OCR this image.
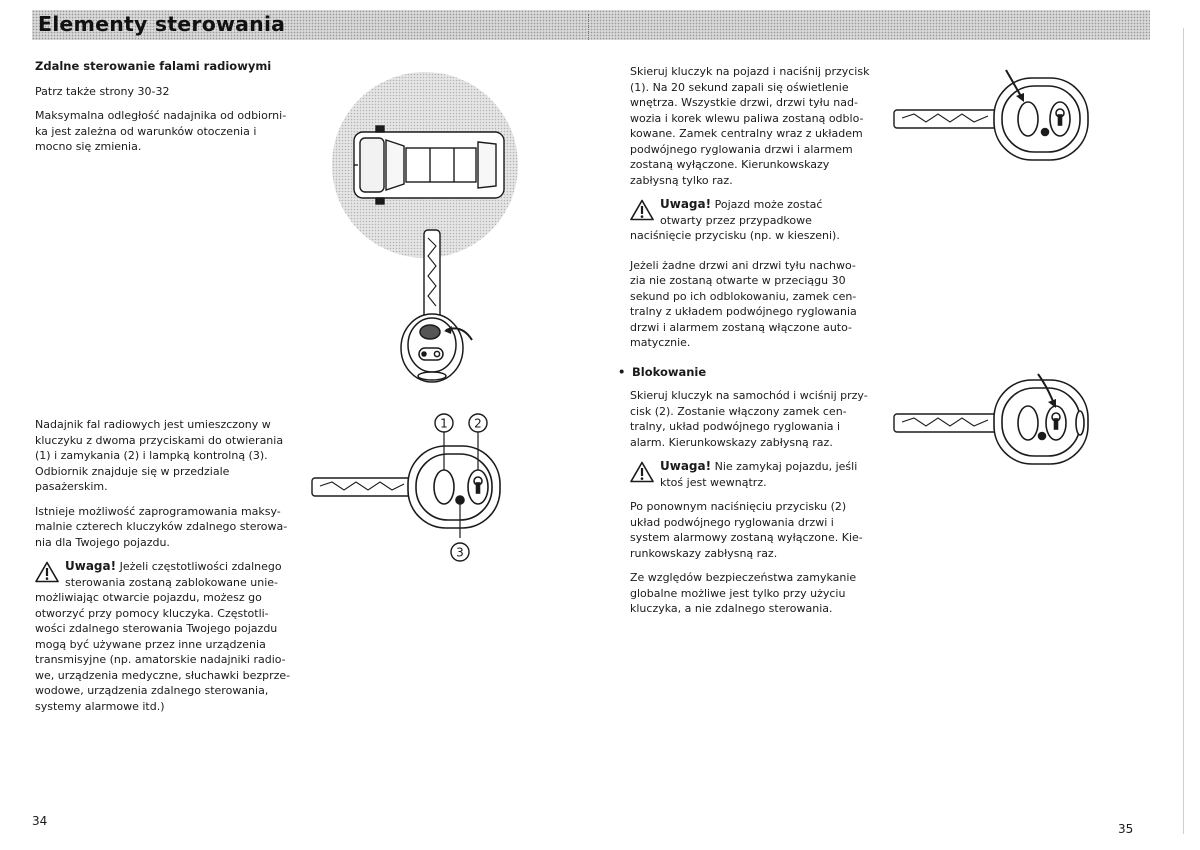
Elementy sterowania
Zdalne sterowanie falami radiowymi

Patrz także strony 30-32

Maksymalna odległość nadajnika od odbiorni-
ka jest zależna od warunków otoczenia i
mocno się zmienia.

Nadajnik fal radiowych jest umieszczony w
kluczyku z dwoma przyciskami do otwierania
(1) i zamykania (2) i lampką kontrolną (3).
Odbiornik znajduje się w przedziale
pasażerskim.

Istnieje możliwość zaprogramowania maksy-
malnie czterech kluczyków zdalnego sterowa-
nia dla Twojego pojazdu.

Uwaga! Jeżeli częstotliwości zdalnego
sterowania zostaną zablokowane unie-
możliwiając otwarcie pojazdu, możesz go
otworzyć przy pomocy kluczyka. Częstotli-
wości zdalnego sterowania Twojego pojazdu
mogą być używane przez inne urządzenia
transmisyjne (np. amatorskie nadajniki radio-
we, urządzenia medyczne, słuchawki bezprze-
wodowe, urządzenia zdalnego sterowania,
systemy alarmowe itd.)
1 2
3

Skieruj kluczyk na pojazd i naciśnij przycisk
(1). Na 20 sekund zapali się oświetlenie
wnętrza. Wszystkie drzwi, drzwi tyłu nad-
wozia i korek wlewu paliwa zostaną odblo-
kowane. Zamek centralny wraz z układem
podwójnego ryglowania drzwi i alarmem
zostaną wyłączone. Kierunkowskazy
zabłysną tylko raz.

Uwaga! Pojazd może zostać
otwarty przez przypadkowe
naciśnięcie przycisku (np. w kieszeni).

Jeżeli żadne drzwi ani drzwi tyłu nachwo-
zia nie zostaną otwarte w przeciągu 30
sekund po ich odblokowaniu, zamek cen-
tralny z układem podwójnego ryglowania
drzwi i alarmem zostaną włączone auto-
matycznie.

• Blokowanie

Skieruj kluczyk na samochód i wciśnij przy-
cisk (2). Zostanie włączony zamek cen-
tralny, układ podwójnego ryglowania i
alarm. Kierunkowskazy zabłysną raz.

Uwaga! Nie zamykaj pojazdu, jeśli
ktoś jest wewnątrz.

Po ponownym naciśnięciu przycisku (2)
układ podwójnego ryglowania drzwi i
system alarmowy zostaną wyłączone. Kie-
runkowskazy zabłysną raz.

Ze względów bezpieczeństwa zamykanie
globalne możliwe jest tylko przy użyciu
kluczyka, a nie zdalnego sterowania.

34
35
